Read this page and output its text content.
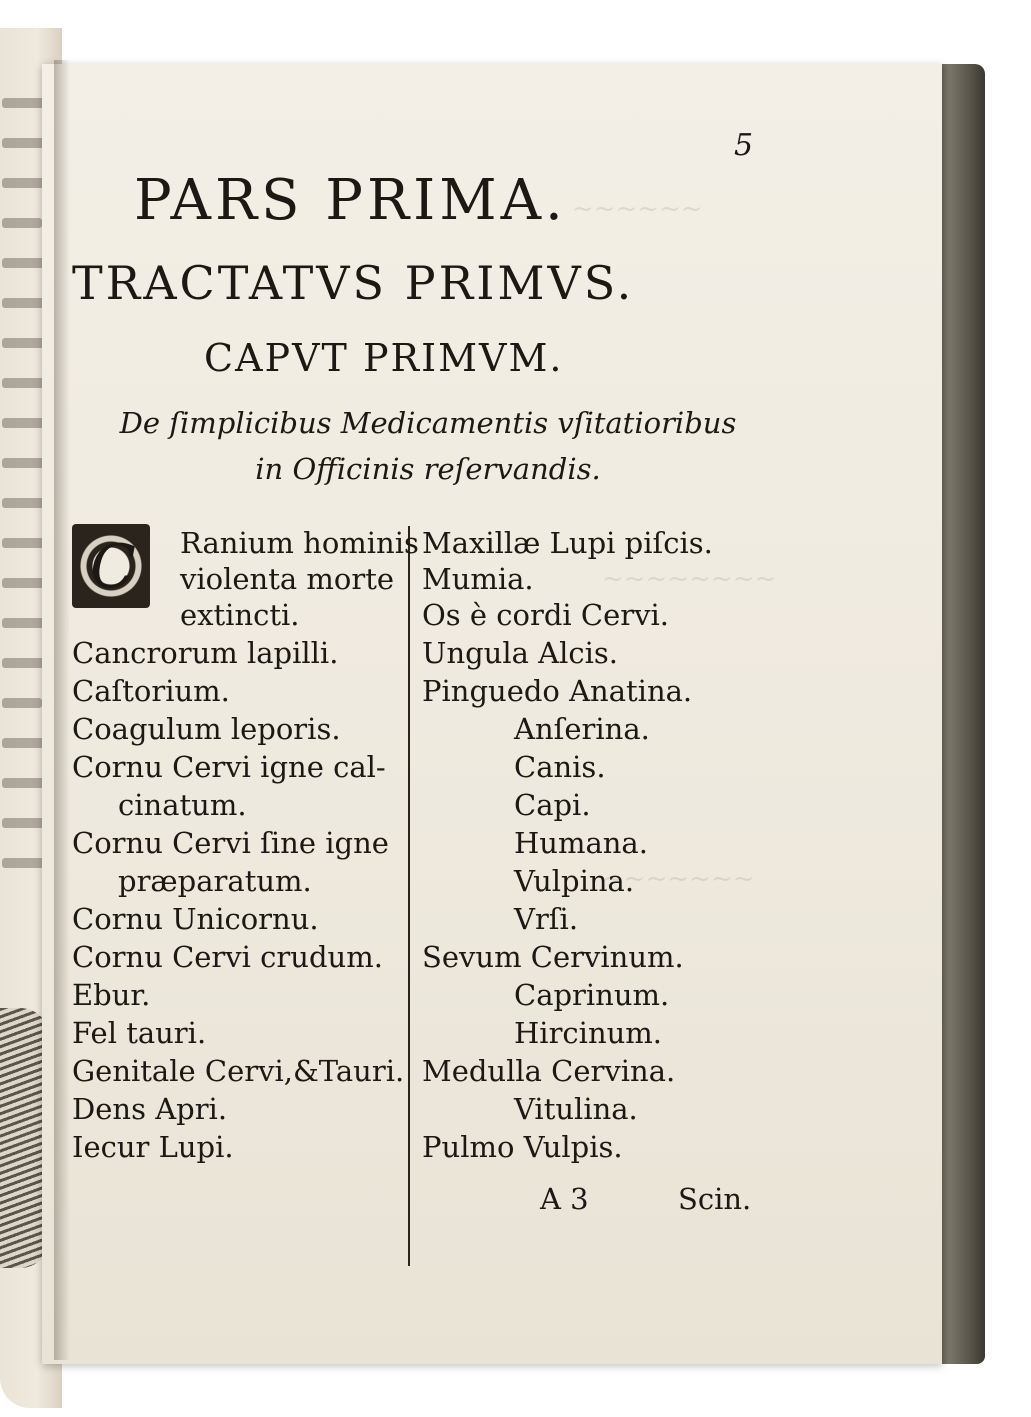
~~~~~~
~~~~~~~~
~~~~~~~
5
PARS PRIMA.
TRACTATVS PRIMVS.
CAPVT PRIMVM.
De ſimplicibus Medicamentis vſitatioribus
in Officinis reſervandis.
C Ranium hominis
violenta morte
extincti.
Cancrorum lapilli.
Caſtorium.
Coagulum leporis.
Cornu Cervi igne cal-
cinatum.
Cornu Cervi ſine igne
præparatum.
Cornu Unicornu.
Cornu Cervi crudum.
Ebur.
Fel tauri.
Genitale Cervi,&Tauri.
Dens Apri.
Iecur Lupi.
Maxillæ Lupi piſcis.
Mumia.
Os è cordi Cervi.
Ungula Alcis.
Pinguedo Anatina.
Anſerina.
Canis.
Capi.
Humana.
Vulpina.
Vrſi.
Sevum Cervinum.
Caprinum.
Hircinum.
Medulla Cervina.
Vitulina.
Pulmo Vulpis.
A 3	Scin.
